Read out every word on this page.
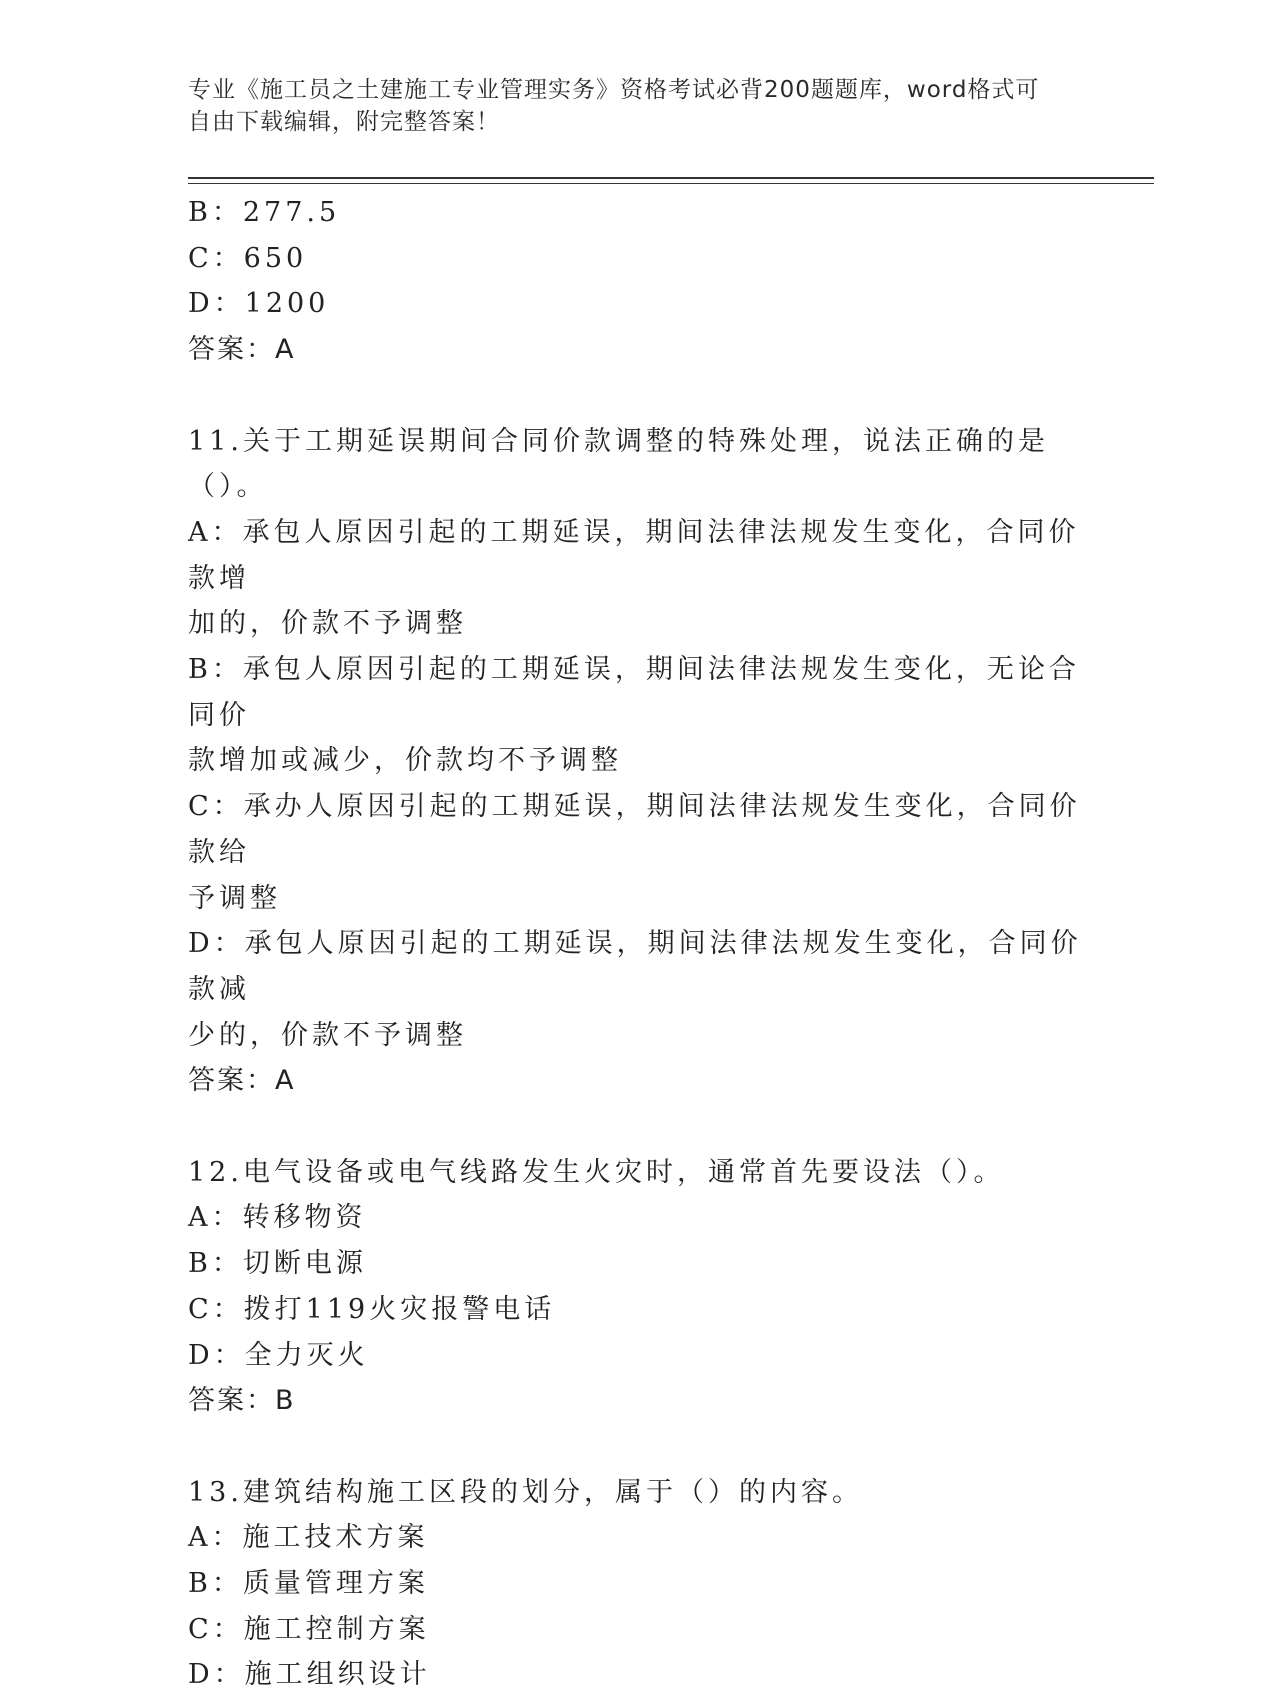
专业《施工员之土建施工专业管理实务》资格考试必背200题题库，word格式可
自由下载编辑，附完整答案！
B：277.5
C：650
D：1200
答案：A
11.关于工期延误期间合同价款调整的特殊处理，说法正确的是（）。
A：承包人原因引起的工期延误，期间法律法规发生变化，合同价款增
加的，价款不予调整
B：承包人原因引起的工期延误，期间法律法规发生变化，无论合同价
款增加或减少，价款均不予调整
C：承办人原因引起的工期延误，期间法律法规发生变化，合同价款给
予调整
D：承包人原因引起的工期延误，期间法律法规发生变化，合同价款减
少的，价款不予调整
答案：A
12.电气设备或电气线路发生火灾时，通常首先要设法（）。
A：转移物资
B：切断电源
C：拨打119火灾报警电话
D：全力灭火
答案：B
13.建筑结构施工区段的划分，属于（）的内容。
A：施工技术方案
B：质量管理方案
C：施工控制方案
D：施工组织设计
